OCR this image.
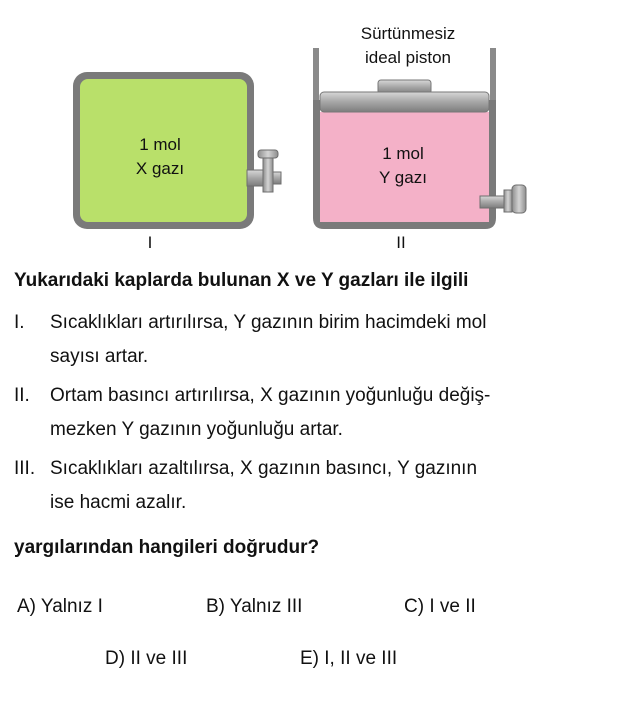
Sürtünmesiz
ideal piston
1 mol
X gazı
1 mol
Y gazı
I	II
Yukarıdaki kaplarda bulunan X ve Y gazları ile ilgili
I. Sıcaklıkları artırılırsa, Y gazının birim hacimdeki mol
sayısı artar.
II. Ortam basıncı artırılırsa, X gazının yoğunluğu değiş-
mezken Y gazının yoğunluğu artar.
III. Sıcaklıkları azaltılırsa, X gazının basıncı, Y gazının
ise hacmi azalır.
yargılarından hangileri doğrudur?
A) Yalnız I	B) Yalnız III	C) I ve II
D) II ve III	E) I, II ve III
